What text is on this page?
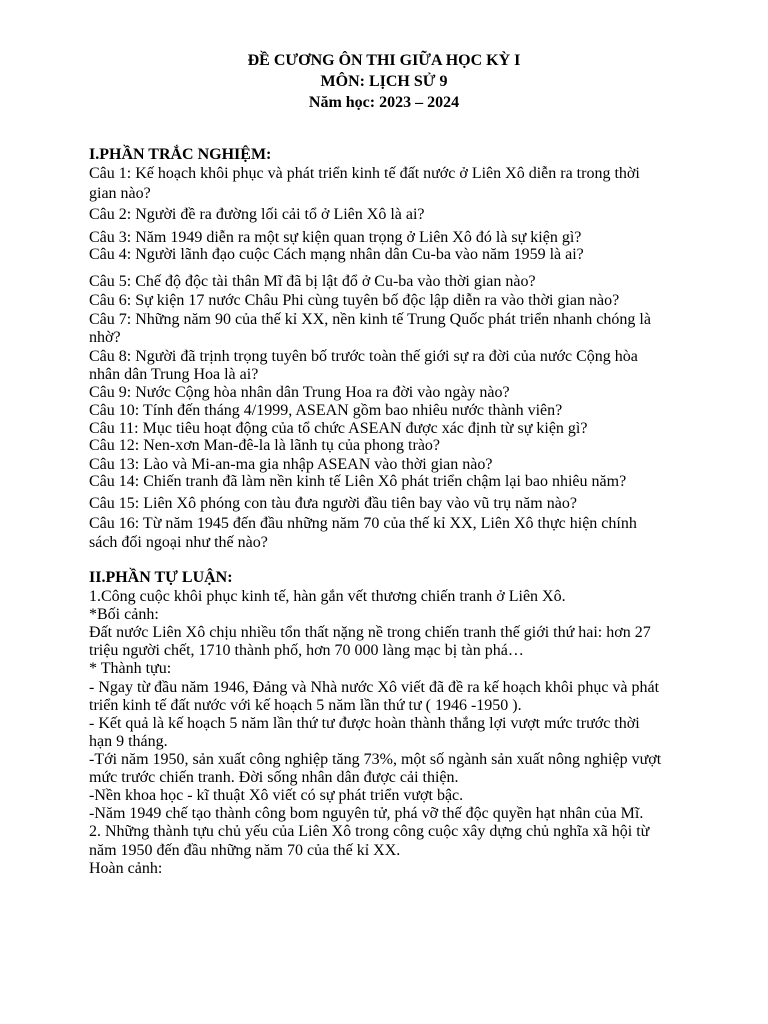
ĐỀ CƯƠNG ÔN THI GIỮA HỌC KỲ I
MÔN: LỊCH SỬ 9
Năm học: 2023 – 2024
I.PHẦN TRẮC NGHIỆM:
Câu 1: Kế hoạch khôi phục và phát triển kinh tế đất nước ở Liên Xô diễn ra trong thời
gian nào?
Câu 2: Người đề ra đường lối cải tổ ở Liên Xô là ai?
Câu 3: Năm 1949 diễn ra một sự kiện quan trọng ở Liên Xô đó là sự kiện gì?
Câu 4: Người lãnh đạo cuộc Cách mạng nhân dân Cu-ba vào năm 1959 là ai?
Câu 5: Chế độ độc tài thân Mĩ đã bị lật đổ ở Cu-ba vào thời gian nào?
Câu 6: Sự kiện 17 nước Châu Phi cùng tuyên bố độc lập diễn ra vào thời gian nào?
Câu 7: Những năm 90 của thế kỉ XX, nền kinh tế Trung Quốc phát triển nhanh chóng là
nhờ?
Câu 8: Người đã trịnh trọng tuyên bố trước toàn thế giới sự ra đời của nước Cộng hòa
nhân dân Trung Hoa là ai?
Câu 9: Nước Cộng hòa nhân dân Trung Hoa ra đời vào ngày nào?
Câu 10: Tính đến tháng 4/1999, ASEAN gồm bao nhiêu nước thành viên?
Câu 11: Mục tiêu hoạt động của tổ chức ASEAN được xác định từ sự kiện gì?
Câu 12: Nen-xơn Man-đê-la là lãnh tụ của phong trào?
Câu 13: Lào và Mi-an-ma gia nhập ASEAN vào thời gian nào?
Câu 14: Chiến tranh đã làm nền kinh tế Liên Xô phát triển chậm lại bao nhiêu năm?
Câu 15: Liên Xô phóng con tàu đưa người đầu tiên bay vào vũ trụ năm nào?
Câu 16: Từ năm 1945 đến đầu những năm 70 của thế kỉ XX, Liên Xô thực hiện chính
sách đối ngoại như thế nào?
II.PHẦN TỰ LUẬN:
1.Công cuộc khôi phục kinh tế, hàn gắn vết thương chiến tranh ở Liên Xô.
*Bối cảnh:
Đất nước Liên Xô chịu nhiều tổn thất nặng nề trong chiến tranh thế giới thứ hai: hơn 27
triệu người chết, 1710 thành phố, hơn 70 000 làng mạc bị tàn phá…
* Thành tựu:
- Ngay từ đầu năm 1946, Đảng và Nhà nước Xô viết đã đề ra kế hoạch khôi phục và phát
triển kinh tế đất nước với kế hoạch 5 năm lần thứ tư ( 1946 -1950 ).
- Kết quả là kế hoạch 5 năm lần thứ tư được hoàn thành thắng lợi vượt mức trước thời
hạn 9 tháng.
-Tới năm 1950, sản xuất công nghiệp tăng 73%, một số ngành sản xuất nông nghiệp vượt
mức trước chiến tranh. Đời sống nhân dân được cải thiện.
-Nền khoa học - kĩ thuật Xô viết có sự phát triển vượt bậc.
-Năm 1949 chế tạo thành công bom nguyên tử, phá vỡ thế độc quyền hạt nhân của Mĩ.
2. Những thành tựu chủ yếu của Liên Xô trong công cuộc xây dựng chủ nghĩa xã hội từ
năm 1950 đến đầu những năm 70 của thế kỉ XX.
Hoàn cảnh:
